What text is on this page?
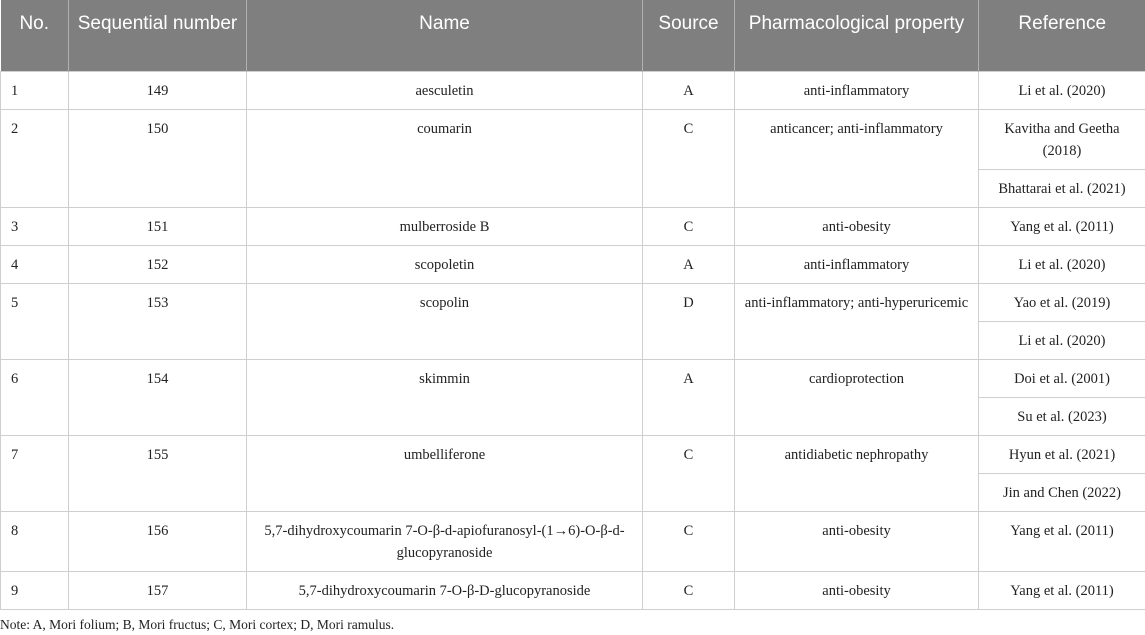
No.	Sequential number	Name	Source	Pharmacological property	Reference
1	149	aesculetin	A	anti-inflammatory	Li et al. (2020)
2	150	coumarin	C	anticancer; anti-inflammatory	Kavitha and Geetha (2018)
					Bhattarai et al. (2021)
3	151	mulberroside B	C	anti-obesity	Yang et al. (2011)
4	152	scopoletin	A	anti-inflammatory	Li et al. (2020)
5	153	scopolin	D	anti-inflammatory; anti-hyperuricemic	Yao et al. (2019)
					Li et al. (2020)
6	154	skimmin	A	cardioprotection	Doi et al. (2001)
					Su et al. (2023)
7	155	umbelliferone	C	antidiabetic nephropathy	Hyun et al. (2021)
					Jin and Chen (2022)
8	156	5,7-dihydroxycoumarin 7-O-β-d-apiofuranosyl-(1→6)-O-β-d-glucopyranoside	C	anti-obesity	Yang et al. (2011)
9	157	5,7-dihydroxycoumarin 7-O-β-D-glucopyranoside	C	anti-obesity	Yang et al. (2011)
Note: A, Mori folium; B, Mori fructus; C, Mori cortex; D, Mori ramulus.
